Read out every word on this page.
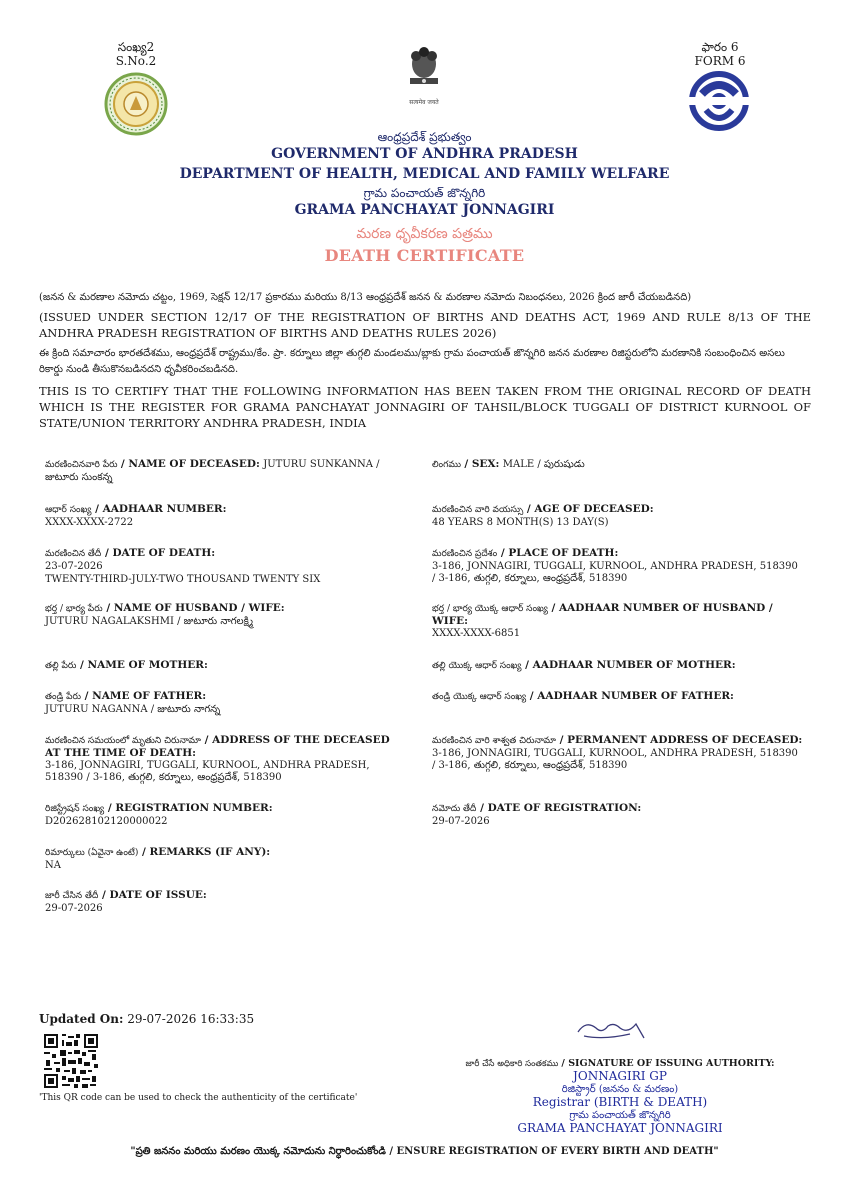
సంఖ్య2
S.No.2
सत्यमेव जयते
ఫారం 6
FORM 6
ఆంధ్రప్రదేశ్ ప్రభుత్వం
GOVERNMENT OF ANDHRA PRADESH
DEPARTMENT OF HEALTH, MEDICAL AND FAMILY WELFARE
గ్రామ పంచాయత్ జొన్నగిరి
GRAMA PANCHAYAT JONNAGIRI
మరణ ధృవీకరణ పత్రము
DEATH CERTIFICATE
(జనన & మరణాల నమోదు చట్టం, 1969, సెక్షన్ 12/17 ప్రకారము మరియు 8/13 ఆంధ్రప్రదేశ్ జనన & మరణాల నమోదు నిబంధనలు, 2026 క్రింద జారీ చేయబడినది)
(ISSUED UNDER SECTION 12/17 OF THE REGISTRATION OF BIRTHS AND DEATHS ACT, 1969 AND RULE 8/13 OF THE ANDHRA PRADESH REGISTRATION OF BIRTHS AND DEATHS RULES 2026)
ఈ క్రింది సమాచారం భారతదేశము, ఆంధ్రప్రదేశ్ రాష్ట్రము/కేం. ప్రా. కర్నూలు జిల్లా తుగ్గలి మండలము/బ్లాకు గ్రామ పంచాయత్ జొన్నగిరి జనన మరణాల రిజిస్టరులోని మరణానికి సంబంధించిన అసలు రికార్డు నుండి తీసుకొనబడినదని ధృవీకరించబడినది.
THIS IS TO CERTIFY THAT THE FOLLOWING INFORMATION HAS BEEN TAKEN FROM THE ORIGINAL RECORD OF DEATH WHICH IS THE REGISTER FOR GRAMA PANCHAYAT JONNAGIRI OF TAHSIL/BLOCK TUGGALI OF DISTRICT KURNOOL OF STATE/UNION TERRITORY ANDHRA PRADESH, INDIA
మరణించినవారి పేరు / NAME OF DECEASED: JUTURU SUNKANNA / జుటూరు సుంకన్న
లింగము / SEX: MALE / పురుషుడు
ఆధార్ సంఖ్య / AADHAAR NUMBER:
XXXX-XXXX-2722
మరణించిన వారి వయస్సు / AGE OF DECEASED:
48 YEARS 8 MONTH(S) 13 DAY(S)
మరణించిన తేదీ / DATE OF DEATH:
23-07-2026
TWENTY-THIRD-JULY-TWO THOUSAND TWENTY SIX
మరణించిన ప్రదేశం / PLACE OF DEATH:
3-186, JONNAGIRI, TUGGALI, KURNOOL, ANDHRA PRADESH, 518390 / 3-186, తుగ్గలి, కర్నూలు, ఆంధ్రప్రదేశ్, 518390
భర్త / భార్య పేరు / NAME OF HUSBAND / WIFE:
JUTURU NAGALAKSHMI / జుటూరు నాగలక్ష్మి
భర్త / భార్య యొక్క ఆధార్ సంఖ్య / AADHAAR NUMBER OF HUSBAND / WIFE:
XXXX-XXXX-6851
తల్లి పేరు / NAME OF MOTHER:	తల్లి యొక్క ఆధార్ సంఖ్య / AADHAAR NUMBER OF MOTHER:
తండ్రి పేరు / NAME OF FATHER:
JUTURU NAGANNA / జుటూరు నాగన్న
తండ్రి యొక్క ఆధార్ సంఖ్య / AADHAAR NUMBER OF FATHER:
మరణించిన సమయంలో మృతుని చిరునామా / ADDRESS OF THE DECEASED AT THE TIME OF DEATH:
3-186, JONNAGIRI, TUGGALI, KURNOOL, ANDHRA PRADESH, 518390 / 3-186, తుగ్గలి, కర్నూలు, ఆంధ్రప్రదేశ్, 518390
మరణించిన వారి శాశ్వత చిరునామా / PERMANENT ADDRESS OF DECEASED:
3-186, JONNAGIRI, TUGGALI, KURNOOL, ANDHRA PRADESH, 518390 / 3-186, తుగ్గలి, కర్నూలు, ఆంధ్రప్రదేశ్, 518390
రిజిస్ట్రేషన్ సంఖ్య / REGISTRATION NUMBER:
D202628102120000022
నమోదు తేదీ / DATE OF REGISTRATION:
29-07-2026
రిమార్కులు (ఏవైనా ఉంటే) / REMARKS (IF ANY):
NA
జారీ చేసిన తేదీ / DATE OF ISSUE:
29-07-2026
Updated On: 29-07-2026 16:33:35
'This QR code can be used to check the authenticity of the certificate'
జారీ చేసే అధికారి సంతకము / SIGNATURE OF ISSUING AUTHORITY:
JONNAGIRI GP
రిజిస్ట్రార్ (జననం & మరణం)
Registrar (BIRTH & DEATH)
గ్రామ పంచాయత్ జొన్నగిరి
GRAMA PANCHAYAT JONNAGIRI
"ప్రతి జననం మరియు మరణం యొక్క నమోదును నిర్ధారించుకోండి / ENSURE REGISTRATION OF EVERY BIRTH AND DEATH"
